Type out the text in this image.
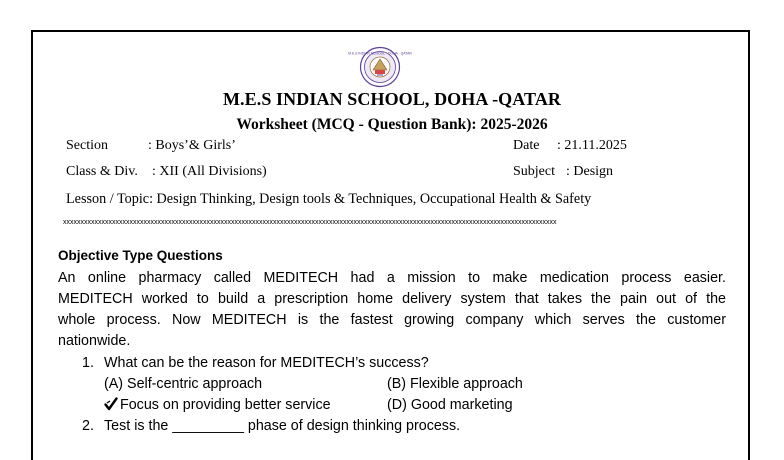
M.E.S INDIAN SCHOOL · DOHA · QATAR
M.E.S INDIAN SCHOOL, DOHA -QATAR
Worksheet (MCQ - Question Bank): 2025-2026
Section	: Boys’& Girls’	Date : 21.11.2025
Class & Div. : XII (All Divisions)	Subject : Design
Lesson / Topic: Design Thinking, Design tools & Techniques, Occupational Health & Safety
xxxxxxxxxxxxxxxxxxxxxxxxxxxxxxxxxxxxxxxxxxxxxxxxxxxxxxxxxxxxxxxxxxxxxxxxxxxxxxxxxxxxxxxxxxxxxxxxxxxxxxxxxxxxxxxxxxxxxxxxxxxxxxxxxxxxxxxxxxxxx
Objective Type Questions
An online pharmacy called MEDITECH had a mission to make medication process easier.
MEDITECH worked to build a prescription home delivery system that takes the pain out of the
whole process. Now MEDITECH is the fastest growing company which serves the customer
nationwide.
1. What can be the reason for MEDITECH’s success?
(A) Self-centric approach	(B) Flexible approach
Focus on providing better service	(D) Good marketing
2. Test is the _________ phase of design thinking process.
